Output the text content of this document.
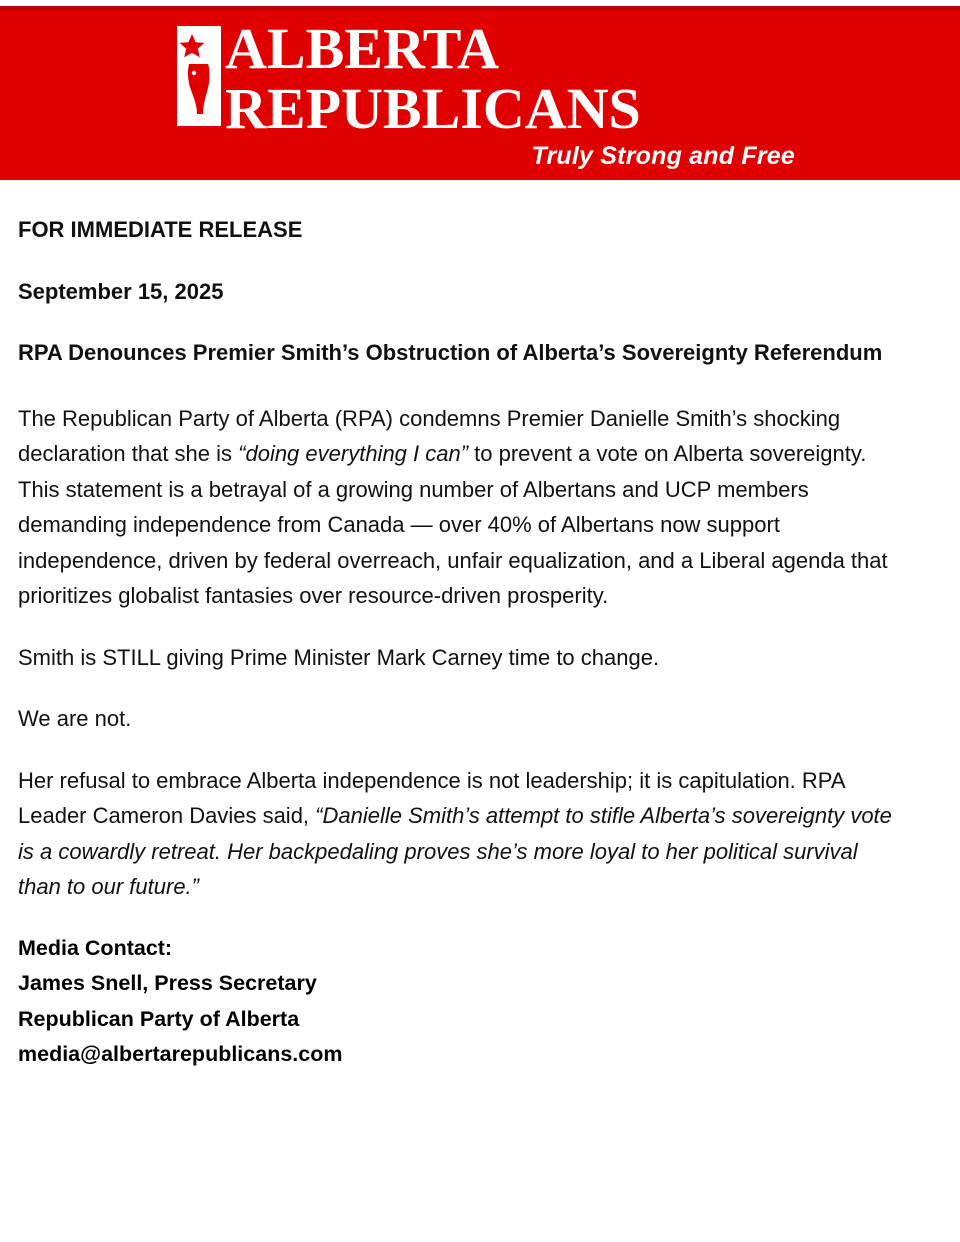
ALBERTA
REPUBLICANS
Truly Strong and Free

FOR IMMEDIATE RELEASE

September 15, 2025

RPA Denounces Premier Smith’s Obstruction of Alberta’s Sovereignty Referendum

The Republican Party of Alberta (RPA) condemns Premier Danielle Smith’s shocking declaration that she is “doing everything I can” to prevent a vote on Alberta sovereignty. This statement is a betrayal of a growing number of Albertans and UCP members demanding independence from Canada — over 40% of Albertans now support independence, driven by federal overreach, unfair equalization, and a Liberal agenda that prioritizes globalist fantasies over resource-driven prosperity.

Smith is STILL giving Prime Minister Mark Carney time to change.

We are not.

Her refusal to embrace Alberta independence is not leadership; it is capitulation. RPA Leader Cameron Davies said, “Danielle Smith’s attempt to stifle Alberta’s sovereignty vote is a cowardly retreat. Her backpedaling proves she’s more loyal to her political survival than to our future.”

Media Contact:
James Snell, Press Secretary
Republican Party of Alberta
media@albertarepublicans.com
